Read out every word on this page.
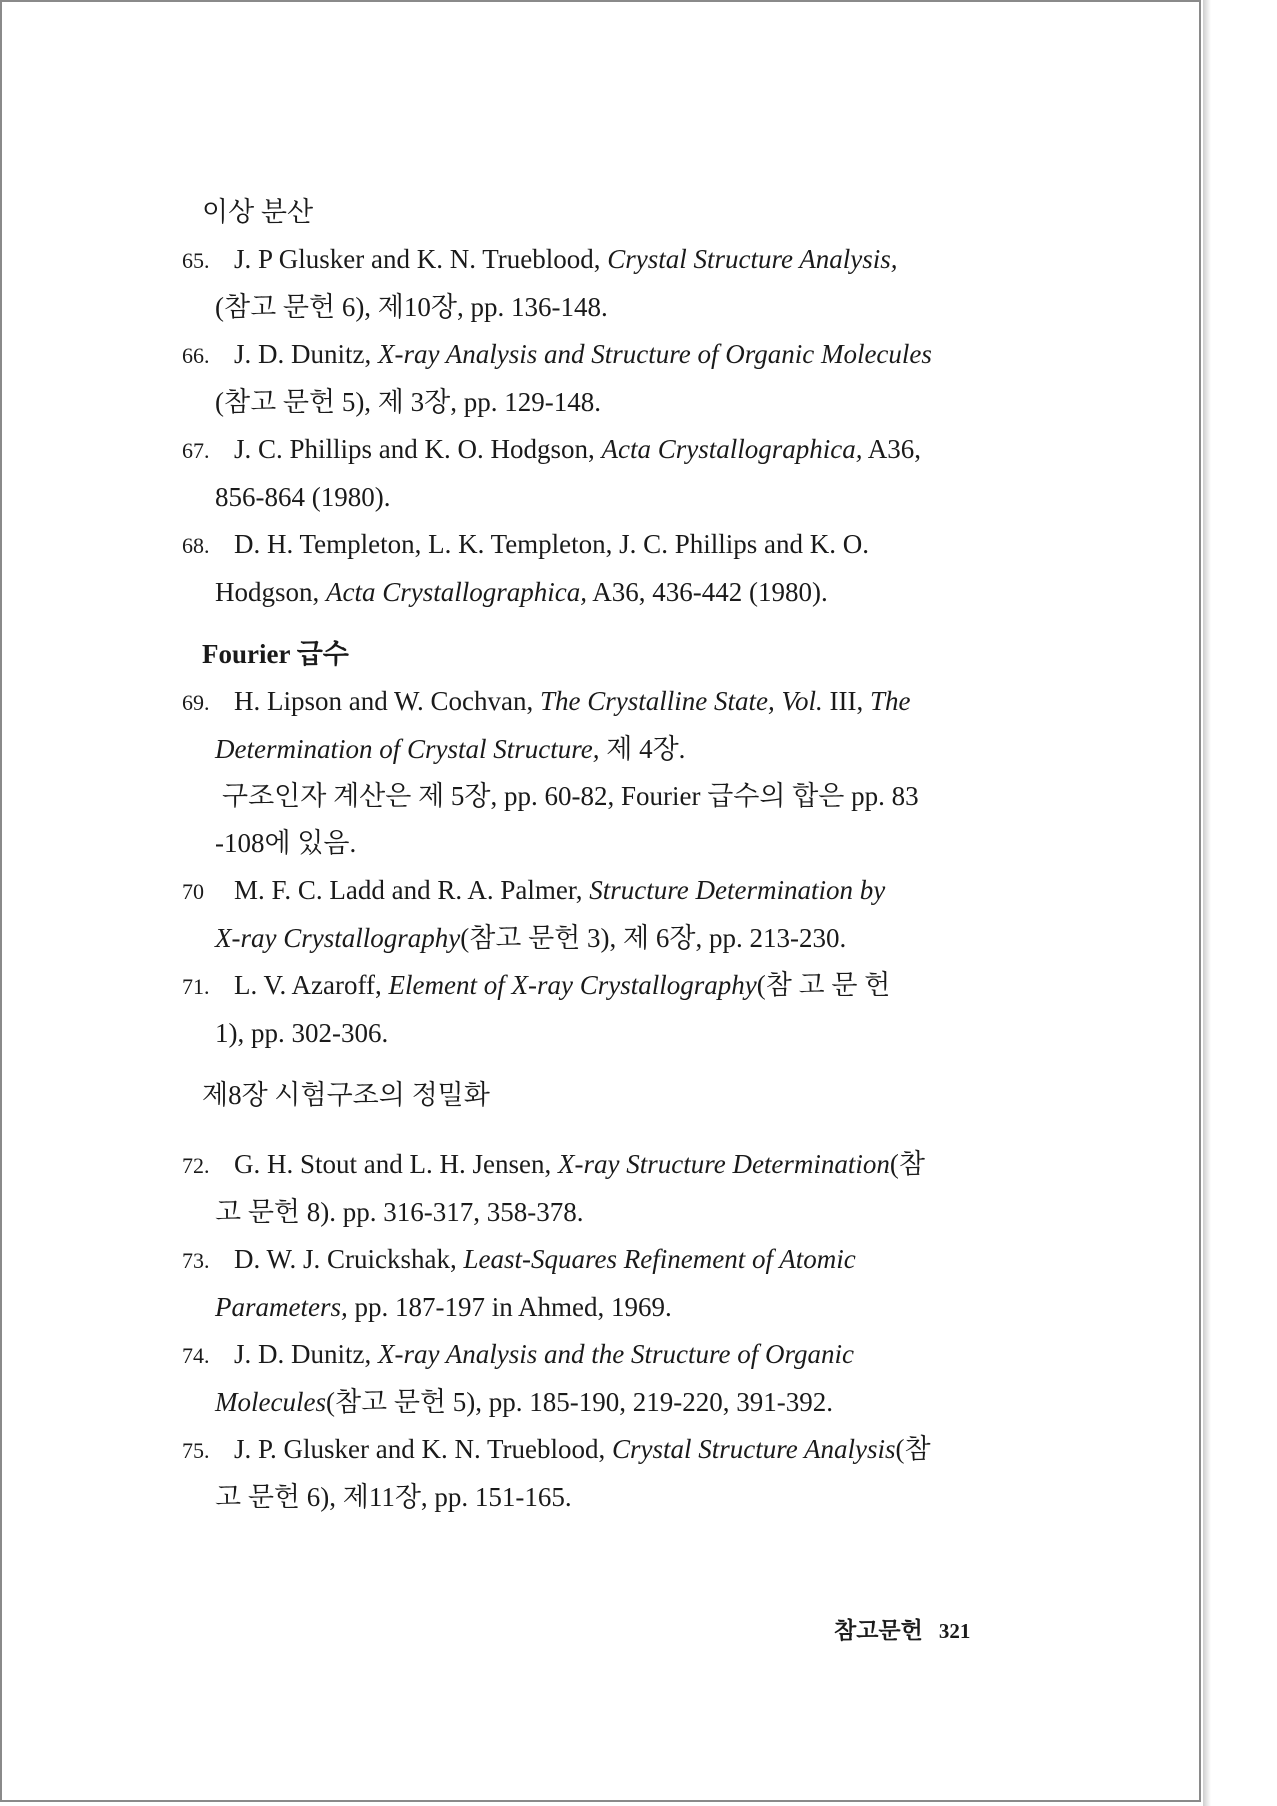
이상 분산
65. J. P Glusker and K. N. Trueblood, Crystal Structure Analysis,
(참고 문헌 6), 제10장, pp. 136-148.
66. J. D. Dunitz, X-ray Analysis and Structure of Organic Molecules
(참고 문헌 5), 제 3장, pp. 129-148.
67. J. C. Phillips and K. O. Hodgson, Acta Crystallographica, A36,
856-864 (1980).
68. D. H. Templeton, L. K. Templeton, J. C. Phillips and K. O.
Hodgson, Acta Crystallographica, A36, 436-442 (1980).
Fourier 급수
69. H. Lipson and W. Cochvan, The Crystalline State, Vol. III, The
Determination of Crystal Structure, 제 4장.
구조인자 계산은 제 5장, pp. 60-82, Fourier 급수의 합은 pp. 83
-108에 있음.
70 M. F. C. Ladd and R. A. Palmer, Structure Determination by
X-ray Crystallography(참고 문헌 3), 제 6장, pp. 213-230.
71. L. V. Azaroff, Element of X-ray Crystallography(참 고 문 헌
1), pp. 302-306.
제8장 시험구조의 정밀화
72. G. H. Stout and L. H. Jensen, X-ray Structure Determination(참
고 문헌 8). pp. 316-317, 358-378.
73. D. W. J. Cruickshak, Least-Squares Refinement of Atomic
Parameters, pp. 187-197 in Ahmed, 1969.
74. J. D. Dunitz, X-ray Analysis and the Structure of Organic
Molecules(참고 문헌 5), pp. 185-190, 219-220, 391-392.
75. J. P. Glusker and K. N. Trueblood, Crystal Structure Analysis(참
고 문헌 6), 제11장, pp. 151-165.
참고문헌 321
